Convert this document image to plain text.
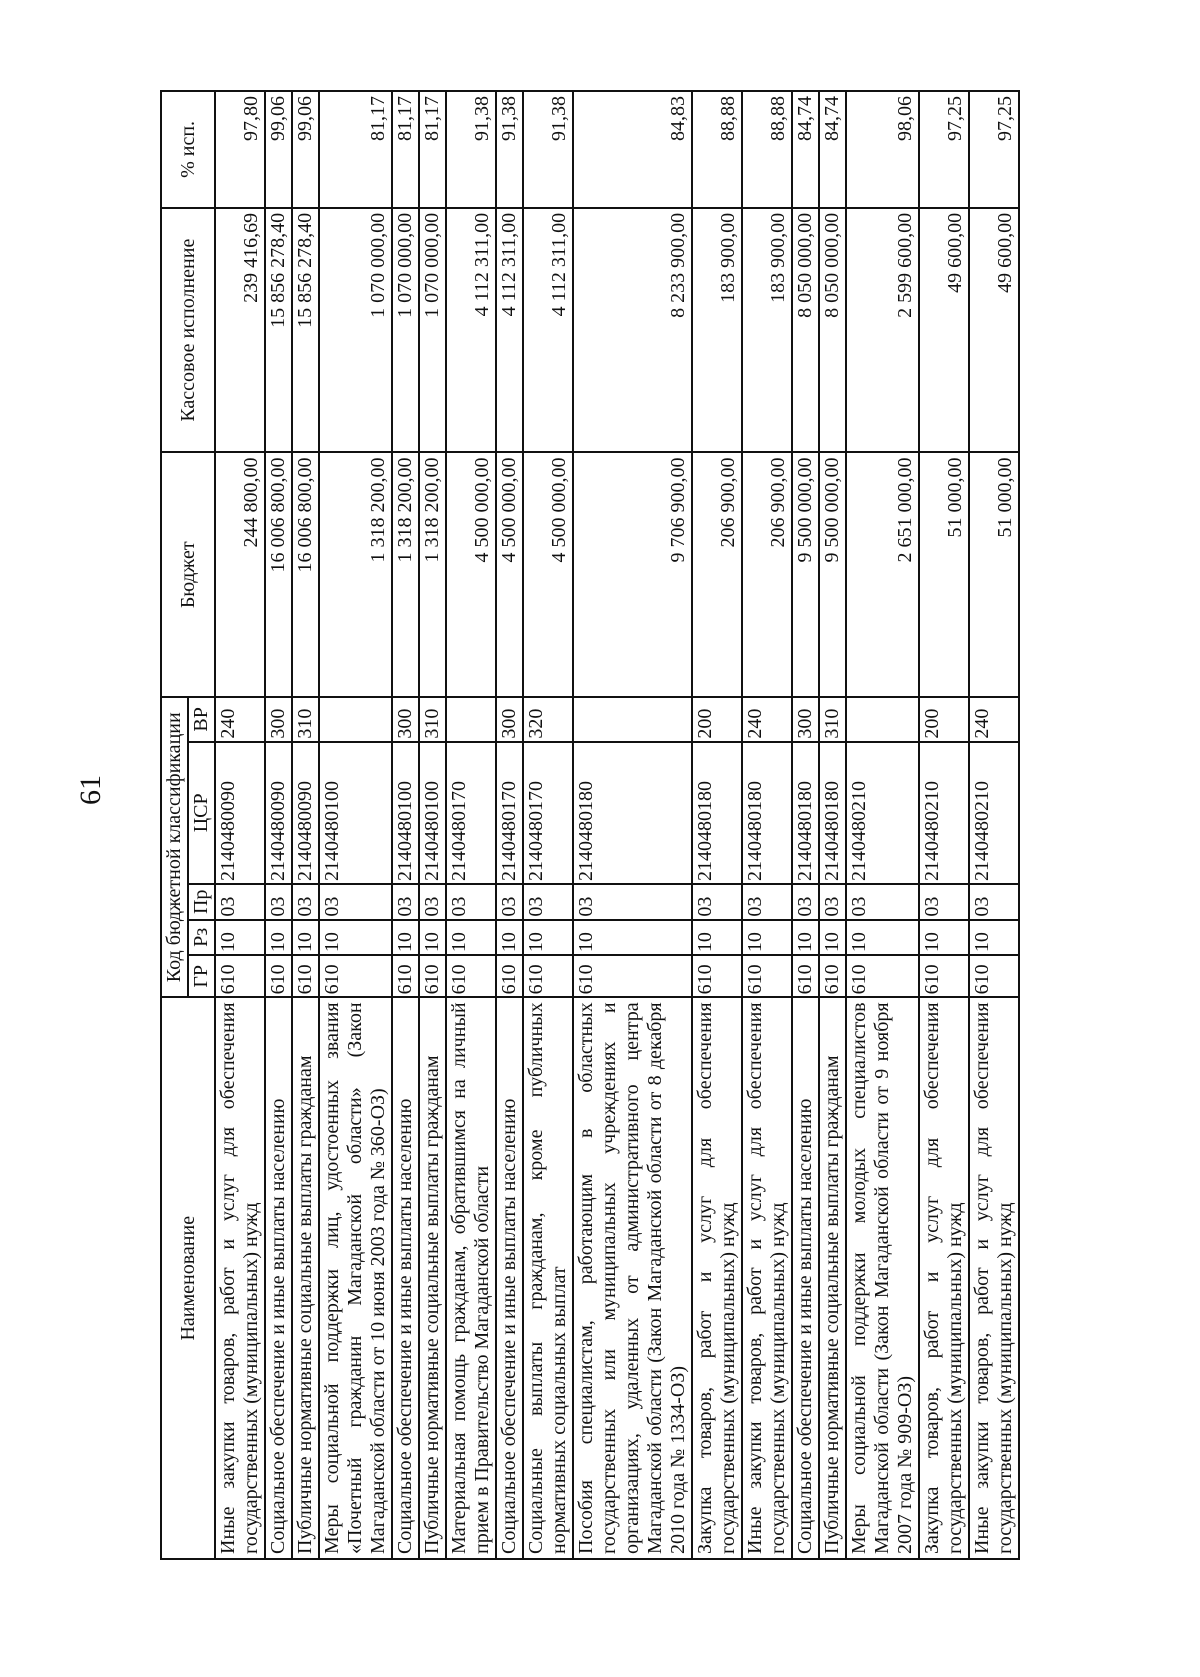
61
Наименование	Код бюджетной классификации					Бюджет	Кассовое исполнение	% исп.
	ГР	Рз	Пр	ЦСР	ВР			
Иные закупки товаров, работ и услуг для обеспечения государственных (муниципальных) нужд	610	10	03	2140480090	240	244 800,00	239 416,69	97,80
Социальное обеспечение и иные выплаты населению	610	10	03	2140480090	300	16 006 800,00	15 856 278,40	99,06
Публичные нормативные социальные выплаты гражданам	610	10	03	2140480090	310	16 006 800,00	15 856 278,40	99,06
Меры социальной поддержки лиц, удостоенных звания «Почетный гражданин Магаданской области» (Закон Магаданской области от 10 июня 2003 года № 360-ОЗ)	610	10	03	2140480100		1 318 200,00	1 070 000,00	81,17
Социальное обеспечение и иные выплаты населению	610	10	03	2140480100	300	1 318 200,00	1 070 000,00	81,17
Публичные нормативные социальные выплаты гражданам	610	10	03	2140480100	310	1 318 200,00	1 070 000,00	81,17
Материальная помощь гражданам, обратившимся на личный прием в Правительство Магаданской области	610	10	03	2140480170		4 500 000,00	4 112 311,00	91,38
Социальное обеспечение и иные выплаты населению	610	10	03	2140480170	300	4 500 000,00	4 112 311,00	91,38
Социальные выплаты гражданам, кроме публичных нормативных социальных выплат	610	10	03	2140480170	320	4 500 000,00	4 112 311,00	91,38
Пособия специалистам, работающим в областных государственных или муниципальных учреждениях и организациях, удаленных от административного центра Магаданской области (Закон Магаданской области от 8 декабря 2010 года № 1334-ОЗ)	610	10	03	2140480180		9 706 900,00	8 233 900,00	84,83
Закупка товаров, работ и услуг для обеспечения государственных (муниципальных) нужд	610	10	03	2140480180	200	206 900,00	183 900,00	88,88
Иные закупки товаров, работ и услуг для обеспечения государственных (муниципальных) нужд	610	10	03	2140480180	240	206 900,00	183 900,00	88,88
Социальное обеспечение и иные выплаты населению	610	10	03	2140480180	300	9 500 000,00	8 050 000,00	84,74
Публичные нормативные социальные выплаты гражданам	610	10	03	2140480180	310	9 500 000,00	8 050 000,00	84,74
Меры социальной поддержки молодых специалистов Магаданской области (Закон Магаданской области от 9 ноября 2007 года № 909-ОЗ)	610	10	03	2140480210		2 651 000,00	2 599 600,00	98,06
Закупка товаров, работ и услуг для обеспечения государственных (муниципальных) нужд	610	10	03	2140480210	200	51 000,00	49 600,00	97,25
Иные закупки товаров, работ и услуг для обеспечения государственных (муниципальных) нужд	610	10	03	2140480210	240	51 000,00	49 600,00	97,25
